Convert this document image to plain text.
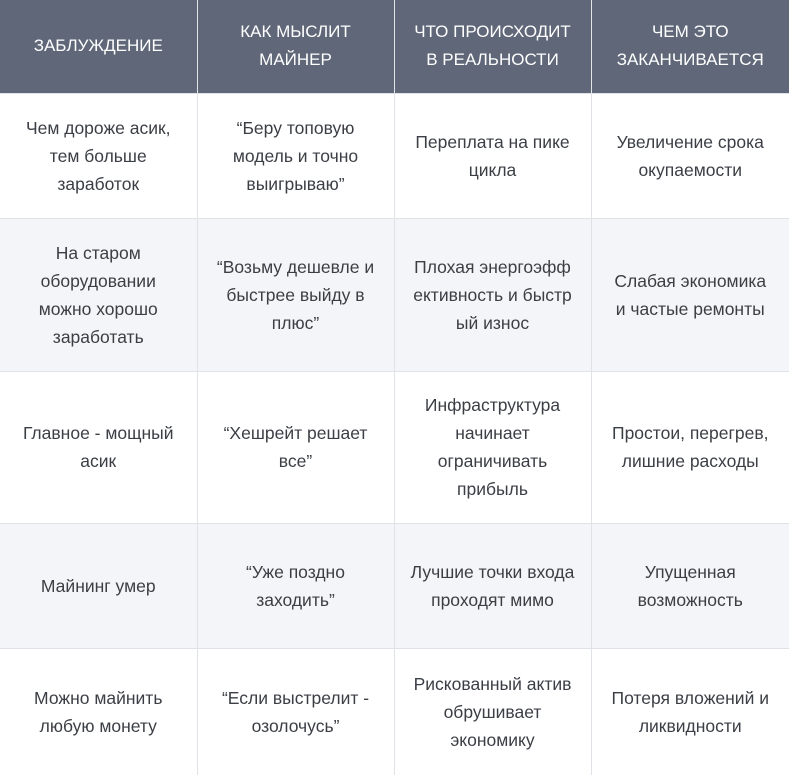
ЗАБЛУЖДЕНИЕ	КАК МЫСЛИТ МАЙНЕР	ЧТО ПРОИСХОДИТ В РЕАЛЬНОСТИ	ЧЕМ ЭТО ЗАКАНЧИВАЕТСЯ
Чем дороже асик, тем больше заработок	“Беру топовую модель и точно выигрываю”	Переплата на пике цикла	Увеличение срока окупаемости
На старом оборудовании можно хорошо заработать	“Возьму дешевле и быстрее выйду в плюс”	Плохая энергоэффективность и быстрый износ	Слабая экономика и частые ремонты
Главное - мощный асик	“Хешрейт решает все”	Инфраструктура начинает ограничивать прибыль	Простои, перегрев, лишние расходы
Майнинг умер	“Уже поздно заходить”	Лучшие точки входа проходят мимо	Упущенная возможность
Можно майнить любую монету	“Если выстрелит - озолочусь”	Рискованный актив обрушивает экономику	Потеря вложений и ликвидности
